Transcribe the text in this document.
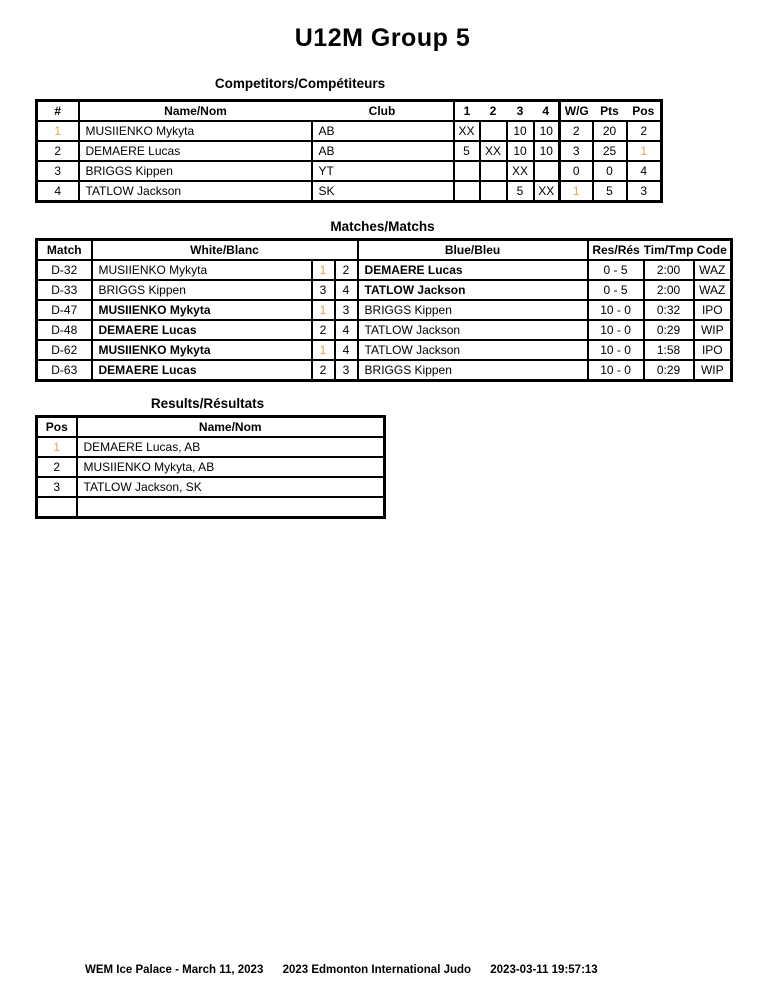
U12M Group 5
Competitors/Compétiteurs
#	Name/Nom	Club	1	2	3	4	W/G	Pts	Pos
1	MUSIIENKO Mykyta	AB	XX		10	10	2	20	2
2	DEMAERE Lucas	AB	5	XX	10	10	3	25	1
3	BRIGGS Kippen	YT			XX		0	0	4
4	TATLOW Jackson	SK			5	XX	1	5	3
Matches/Matchs
Match	White/Blanc			Blue/Bleu	Res/Rés	Tim/Tmp	Code
D-32	MUSIIENKO Mykyta	1	2	DEMAERE Lucas	0 - 5	2:00	WAZ
D-33	BRIGGS Kippen	3	4	TATLOW Jackson	0 - 5	2:00	WAZ
D-47	MUSIIENKO Mykyta	1	3	BRIGGS Kippen	10 - 0	0:32	IPO
D-48	DEMAERE Lucas	2	4	TATLOW Jackson	10 - 0	0:29	WIP
D-62	MUSIIENKO Mykyta	1	4	TATLOW Jackson	10 - 0	1:58	IPO
D-63	DEMAERE Lucas	2	3	BRIGGS Kippen	10 - 0	0:29	WIP
Results/Résultats
Pos	Name/Nom
1	DEMAERE Lucas, AB
2	MUSIIENKO Mykyta, AB
3	TATLOW Jackson, SK

WEM Ice Palace - March 11, 2023 2023 Edmonton International Judo 2023-03-11 19:57:13
